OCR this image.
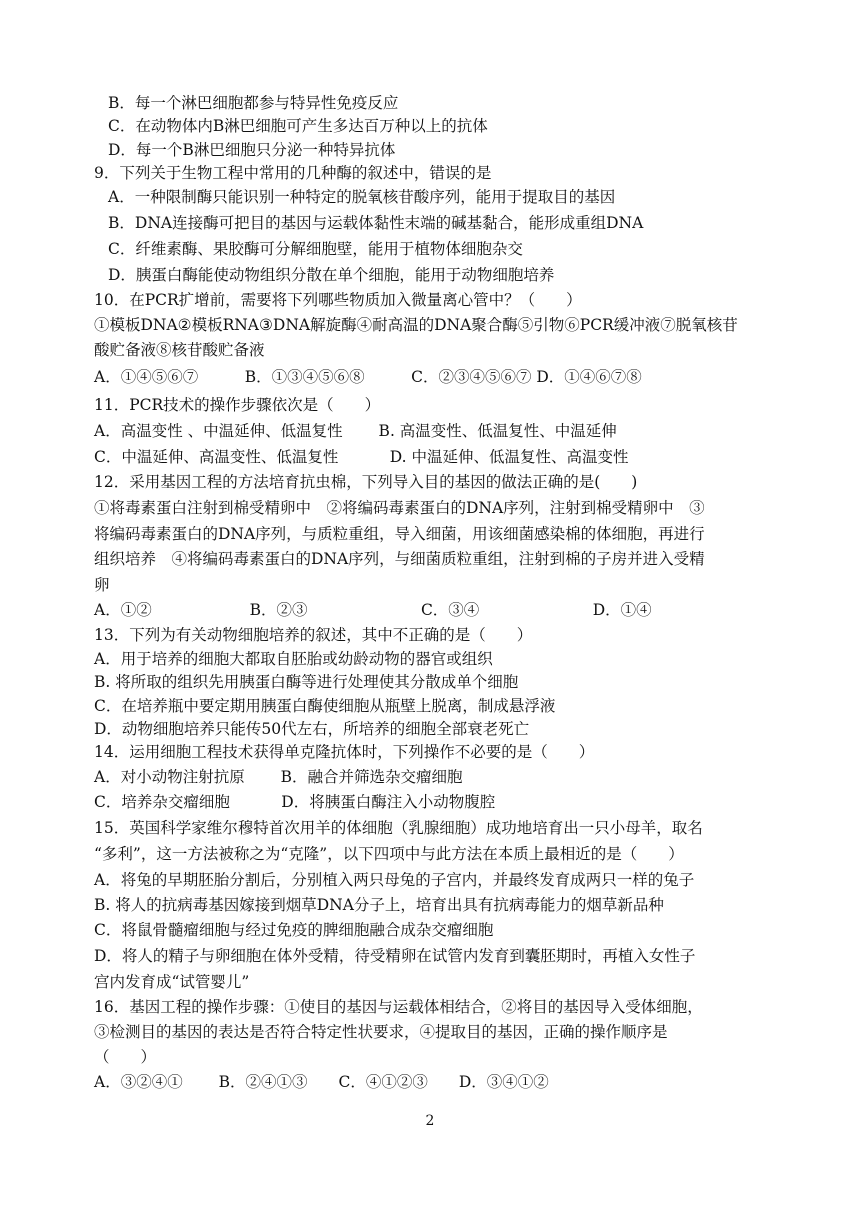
B．每一个淋巴细胞都参与特异性免疫反应
C．在动物体内B淋巴细胞可产生多达百万种以上的抗体
D．每一个B淋巴细胞只分泌一种特异抗体
9．下列关于生物工程中常用的几种酶的叙述中，错误的是
A．一种限制酶只能识别一种特定的脱氧核苷酸序列，能用于提取目的基因
B．DNA连接酶可把目的基因与运载体黏性末端的碱基黏合，能形成重组DNA
C．纤维素酶、果胶酶可分解细胞壁，能用于植物体细胞杂交
D．胰蛋白酶能使动物组织分散在单个细胞，能用于动物细胞培养
10．在PCR扩增前，需要将下列哪些物质加入微量离心管中？（　　）
①模板DNA②模板RNA③DNA解旋酶④耐高温的DNA聚合酶⑤引物⑥PCR缓冲液⑦脱氧核苷
酸贮备液⑧核苷酸贮备液
A．①④⑤⑥⑦　　　B．①③④⑤⑥⑧　　　C．②③④⑤⑥⑦ D．①④⑥⑦⑧
11．PCR技术的操作步骤依次是（　　）
A．高温变性 、中温延伸、低温复性　　 B. 高温变性、低温复性、中温延伸
C．中温延伸、高温变性、低温复性　　　 D. 中温延伸、低温复性、高温变性
12．采用基因工程的方法培育抗虫棉，下列导入目的基因的做法正确的是(　　)
①将毒素蛋白注射到棉受精卵中　②将编码毒素蛋白的DNA序列，注射到棉受精卵中　③
将编码毒素蛋白的DNA序列，与质粒重组，导入细菌，用该细菌感染棉的体细胞，再进行
组织培养　④将编码毒素蛋白的DNA序列，与细菌质粒重组，注射到棉的子房并进入受精
卵
A．①②　　　　　　 B．②③　　　　　　　 C．③④　　　　　　　 D．①④
13．下列为有关动物细胞培养的叙述，其中不正确的是（　　）
A．用于培养的细胞大都取自胚胎或幼龄动物的器官或组织
B. 将所取的组织先用胰蛋白酶等进行处理使其分散成单个细胞
C．在培养瓶中要定期用胰蛋白酶使细胞从瓶壁上脱离，制成悬浮液
D．动物细胞培养只能传50代左右，所培养的细胞全部衰老死亡
14．运用细胞工程技术获得单克隆抗体时，下列操作不必要的是（　　）
A．对小动物注射抗原　　 B．融合并筛选杂交瘤细胞
C．培养杂交瘤细胞　　　 D．将胰蛋白酶注入小动物腹腔
15．英国科学家维尔穆特首次用羊的体细胞（乳腺细胞）成功地培育出一只小母羊，取名
“多利”，这一方法被称之为“克隆”，以下四项中与此方法在本质上最相近的是（　　）
A．将兔的早期胚胎分割后，分别植入两只母兔的子宫内，并最终发育成两只一样的兔子
B. 将人的抗病毒基因嫁接到烟草DNA分子上，培育出具有抗病毒能力的烟草新品种
C．将鼠骨髓瘤细胞与经过免疫的脾细胞融合成杂交瘤细胞
D．将人的精子与卵细胞在体外受精，待受精卵在试管内发育到囊胚期时，再植入女性子
宫内发育成“试管婴儿”
16．基因工程的操作步骤：①使目的基因与运载体相结合，②将目的基因导入受体细胞，
③检测目的基因的表达是否符合特定性状要求，④提取目的基因，正确的操作顺序是
（　　）
A．③②④①　　 B．②④①③　　C．④①②③　　D．③④①②
2
